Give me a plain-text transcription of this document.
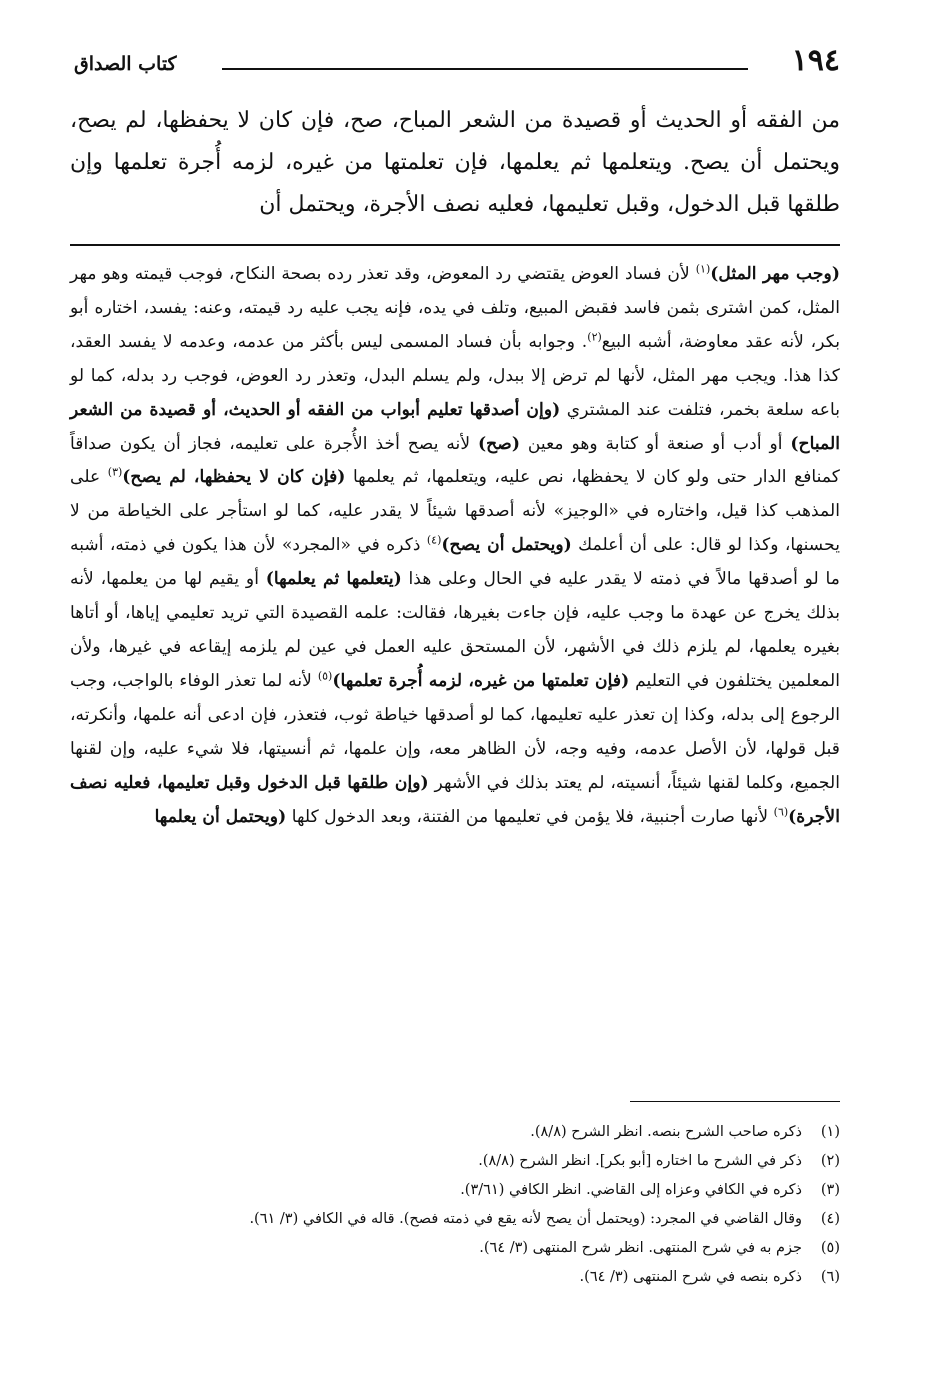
١٩٤
كتاب الصداق

من الفقه أو الحديث أو قصيدة من الشعر المباح، صح، فإن كان لا يحفظها، لم يصح، ويحتمل أن يصح. ويتعلمها ثم يعلمها، فإن تعلمتها من غيره، لزمه أُجرة تعلمها وإن طلقها قبل الدخول، وقبل تعليمها، فعليه نصف الأجرة، ويحتمل أن

(وجب مهر المثل)$^{(١)}$ لأن فساد العوض يقتضي رد المعوض، وقد تعذر رده بصحة النكاح، فوجب قيمته وهو مهر المثل، كمن اشترى بثمن فاسد فقبض المبيع، وتلف في يده، فإنه يجب عليه رد قيمته، وعنه: يفسد، اختاره أبو بكر، لأنه عقد معاوضة، أشبه البيع$^{(٢)}$. وجوابه بأن فساد المسمى ليس بأكثر من عدمه، وعدمه لا يفسد العقد، كذا هذا. ويجب مهر المثل، لأنها لم ترض إلا ببدل، ولم يسلم البدل، وتعذر رد العوض، فوجب رد بدله، كما لو باعه سلعة بخمر، فتلفت عند المشتري (وإن أصدقها تعليم أبواب من الفقه أو الحديث، أو قصيدة من الشعر المباح) أو أدب أو صنعة أو كتابة وهو معين (صح) لأنه يصح أخذ الأُجرة على تعليمه، فجاز أن يكون صداقاً كمنافع الدار حتى ولو كان لا يحفظها، نص عليه، ويتعلمها، ثم يعلمها (فإن كان لا يحفظها، لم يصح)$^{(٣)}$ على المذهب كذا قيل، واختاره في «الوجيز» لأنه أصدقها شيئاً لا يقدر عليه، كما لو استأجر على الخياطة من لا يحسنها، وكذا لو قال: على أن أعلمك (ويحتمل أن يصح)$^{(٤)}$ ذكره في «المجرد» لأن هذا يكون في ذمته، أشبه ما لو أصدقها مالاً في ذمته لا يقدر عليه في الحال وعلى هذا (يتعلمها ثم يعلمها) أو يقيم لها من يعلمها، لأنه بذلك يخرج عن عهدة ما وجب عليه، فإن جاءت بغيرها، فقالت: علمه القصيدة التي تريد تعليمي إياها، أو أتاها بغيره يعلمها، لم يلزم ذلك في الأشهر، لأن المستحق عليه العمل في عين لم يلزمه إيقاعه في غيرها، ولأن المعلمين يختلفون في التعليم (فإن تعلمتها من غيره، لزمه أُجرة تعلمها)$^{(٥)}$ لأنه لما تعذر الوفاء بالواجب، وجب الرجوع إلى بدله، وكذا إن تعذر عليه تعليمها، كما لو أصدقها خياطة ثوب، فتعذر، فإن ادعى أنه علمها، وأنكرته، قبل قولها، لأن الأصل عدمه، وفيه وجه، لأن الظاهر معه، وإن علمها، ثم أنسيتها، فلا شيء عليه، وإن لقنها الجميع، وكلما لقنها شيئاً، أنسيته، لم يعتد بذلك في الأشهر (وإن طلقها قبل الدخول وقبل تعليمها، فعليه نصف الأجرة)$^{(٦)}$ لأنها صارت أجنبية، فلا يؤمن في تعليمها من الفتنة، وبعد الدخول كلها (ويحتمل أن يعلمها

(١)
ذكره صاحب الشرح بنصه. انظر الشرح (٨/٨).
(٢)
ذكر في الشرح ما اختاره [أبو بكر]. انظر الشرح (٨/٨).
(٣)
ذكره في الكافي وعزاه إلى القاضي. انظر الكافي (٣/٦١).
(٤)
وقال القاضي في المجرد: (ويحتمل أن يصح لأنه يقع في ذمته فصح). قاله في الكافي (٣/ ٦١).
(٥)
جزم به في شرح المنتهى. انظر شرح المنتهى (٣/ ٦٤).
(٦)
ذكره بنصه في شرح المنتهى (٣/ ٦٤).
